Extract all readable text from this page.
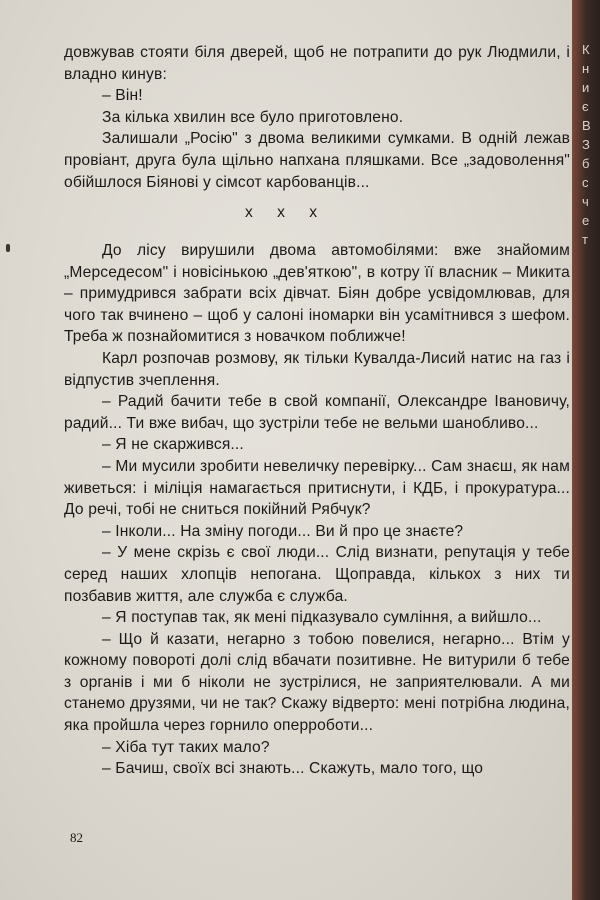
довжував стояти біля дверей, щоб не потрапити до рук Людмили, і владно кинув:

– Він!

За кілька хвилин все було приготовлено.

Залишали „Росію" з двома великими сумками. В одній лежав провіант, друга була щільно напхана пляшками. Все „задоволення" обійшлося Біянові у сімсот карбованців...

x x x

До лісу вирушили двома автомобілями: вже знайомим „Мерседесом" і новісінькою „дев'яткою", в котру її власник – Микита – примудрився забрати всіх дівчат. Біян добре усвідомлював, для чого так вчинено – щоб у салоні іномарки він усамітнився з шефом. Треба ж познайомитися з новачком поближче!

Карл розпочав розмову, як тільки Кувалда-Лисий натис на газ і відпустив зчеплення.

– Радий бачити тебе в свой компанії, Олександре Івановичу, радий... Ти вже вибач, що зустріли тебе не вельми шанобливо...

– Я не скаржився...

– Ми мусили зробити невеличку перевірку... Сам знаєш, як нам живеться: і міліція намагається притиснути, і КДБ, і прокуратура... До речі, тобі не сниться покійний Рябчук?

– Інколи... На зміну погоди... Ви й про це знаєте?

– У мене скрізь є свої люди... Слід визнати, репутація у тебе серед наших хлопців непогана. Щоправда, кількох з них ти позбавив життя, але служба є служба.

– Я поступав так, як мені підказувало сумління, а вийшло...

– Що й казати, негарно з тобою повелися, негарно... Втім у кожному повороті долі слід вбачати позитивне. Не витурили б тебе з органів і ми б ніколи не зустрілися, не заприятелювали. А ми станемо друзями, чи не так? Скажу відверто: мені потрібна людина, яка пройшла через горнило оперроботи...

– Хіба тут таких мало?

– Бачиш, своїх всі знають... Скажуть, мало того, що

82
К
н
и
є
В
З
б
с
ч
е
т
